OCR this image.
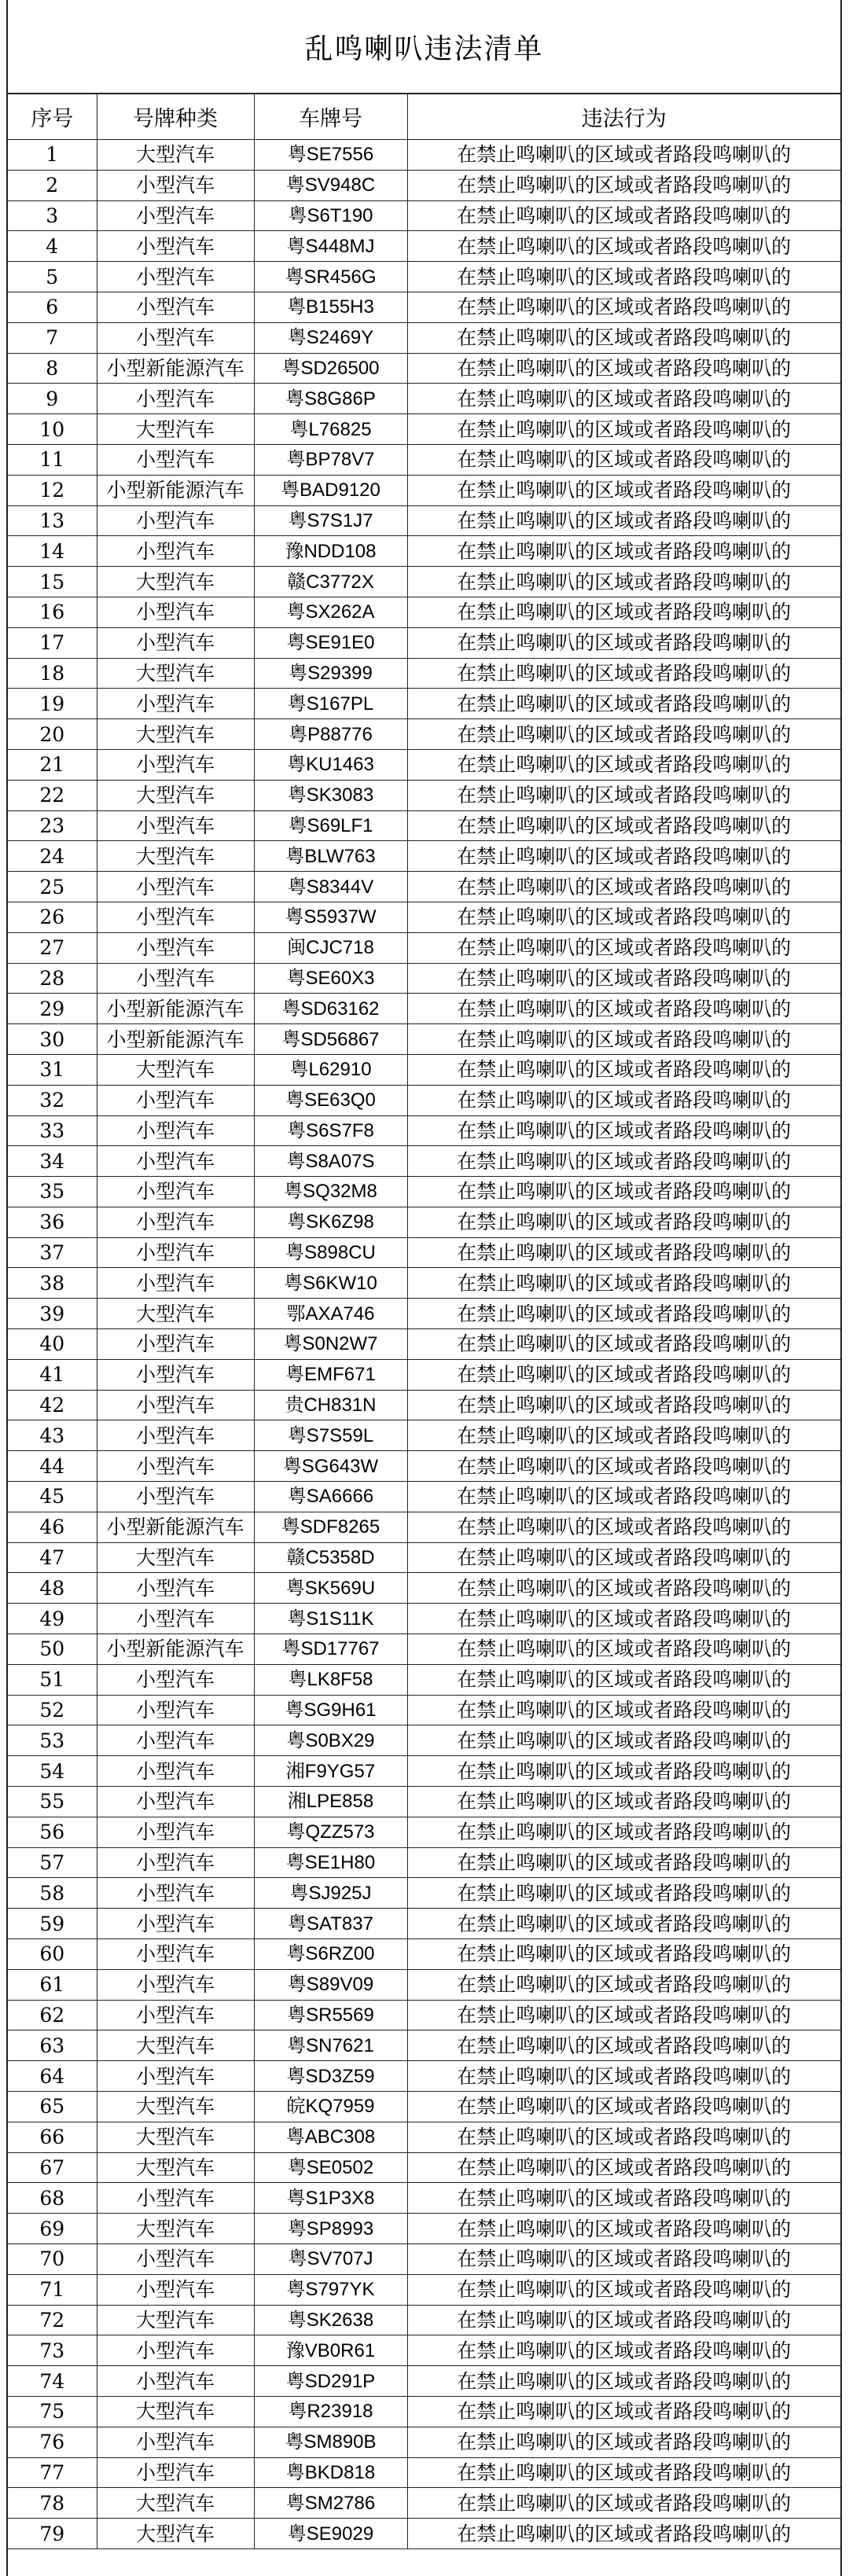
乱鸣喇叭违法清单
序号	号牌种类	车牌号	违法行为
1	大型汽车	粤SE7556	在禁止鸣喇叭的区域或者路段鸣喇叭的
2	小型汽车	粤SV948C	在禁止鸣喇叭的区域或者路段鸣喇叭的
3	小型汽车	粤S6T190	在禁止鸣喇叭的区域或者路段鸣喇叭的
4	小型汽车	粤S448MJ	在禁止鸣喇叭的区域或者路段鸣喇叭的
5	小型汽车	粤SR456G	在禁止鸣喇叭的区域或者路段鸣喇叭的
6	小型汽车	粤B155H3	在禁止鸣喇叭的区域或者路段鸣喇叭的
7	小型汽车	粤S2469Y	在禁止鸣喇叭的区域或者路段鸣喇叭的
8	小型新能源汽车	粤SD26500	在禁止鸣喇叭的区域或者路段鸣喇叭的
9	小型汽车	粤S8G86P	在禁止鸣喇叭的区域或者路段鸣喇叭的
10	大型汽车	粤L76825	在禁止鸣喇叭的区域或者路段鸣喇叭的
11	小型汽车	粤BP78V7	在禁止鸣喇叭的区域或者路段鸣喇叭的
12	小型新能源汽车	粤BAD9120	在禁止鸣喇叭的区域或者路段鸣喇叭的
13	小型汽车	粤S7S1J7	在禁止鸣喇叭的区域或者路段鸣喇叭的
14	小型汽车	豫NDD108	在禁止鸣喇叭的区域或者路段鸣喇叭的
15	大型汽车	赣C3772X	在禁止鸣喇叭的区域或者路段鸣喇叭的
16	小型汽车	粤SX262A	在禁止鸣喇叭的区域或者路段鸣喇叭的
17	小型汽车	粤SE91E0	在禁止鸣喇叭的区域或者路段鸣喇叭的
18	大型汽车	粤S29399	在禁止鸣喇叭的区域或者路段鸣喇叭的
19	小型汽车	粤S167PL	在禁止鸣喇叭的区域或者路段鸣喇叭的
20	大型汽车	粤P88776	在禁止鸣喇叭的区域或者路段鸣喇叭的
21	小型汽车	粤KU1463	在禁止鸣喇叭的区域或者路段鸣喇叭的
22	大型汽车	粤SK3083	在禁止鸣喇叭的区域或者路段鸣喇叭的
23	小型汽车	粤S69LF1	在禁止鸣喇叭的区域或者路段鸣喇叭的
24	大型汽车	粤BLW763	在禁止鸣喇叭的区域或者路段鸣喇叭的
25	小型汽车	粤S8344V	在禁止鸣喇叭的区域或者路段鸣喇叭的
26	小型汽车	粤S5937W	在禁止鸣喇叭的区域或者路段鸣喇叭的
27	小型汽车	闽CJC718	在禁止鸣喇叭的区域或者路段鸣喇叭的
28	小型汽车	粤SE60X3	在禁止鸣喇叭的区域或者路段鸣喇叭的
29	小型新能源汽车	粤SD63162	在禁止鸣喇叭的区域或者路段鸣喇叭的
30	小型新能源汽车	粤SD56867	在禁止鸣喇叭的区域或者路段鸣喇叭的
31	大型汽车	粤L62910	在禁止鸣喇叭的区域或者路段鸣喇叭的
32	小型汽车	粤SE63Q0	在禁止鸣喇叭的区域或者路段鸣喇叭的
33	小型汽车	粤S6S7F8	在禁止鸣喇叭的区域或者路段鸣喇叭的
34	小型汽车	粤S8A07S	在禁止鸣喇叭的区域或者路段鸣喇叭的
35	小型汽车	粤SQ32M8	在禁止鸣喇叭的区域或者路段鸣喇叭的
36	小型汽车	粤SK6Z98	在禁止鸣喇叭的区域或者路段鸣喇叭的
37	小型汽车	粤S898CU	在禁止鸣喇叭的区域或者路段鸣喇叭的
38	小型汽车	粤S6KW10	在禁止鸣喇叭的区域或者路段鸣喇叭的
39	大型汽车	鄂AXA746	在禁止鸣喇叭的区域或者路段鸣喇叭的
40	小型汽车	粤S0N2W7	在禁止鸣喇叭的区域或者路段鸣喇叭的
41	小型汽车	粤EMF671	在禁止鸣喇叭的区域或者路段鸣喇叭的
42	小型汽车	贵CH831N	在禁止鸣喇叭的区域或者路段鸣喇叭的
43	小型汽车	粤S7S59L	在禁止鸣喇叭的区域或者路段鸣喇叭的
44	小型汽车	粤SG643W	在禁止鸣喇叭的区域或者路段鸣喇叭的
45	小型汽车	粤SA6666	在禁止鸣喇叭的区域或者路段鸣喇叭的
46	小型新能源汽车	粤SDF8265	在禁止鸣喇叭的区域或者路段鸣喇叭的
47	大型汽车	赣C5358D	在禁止鸣喇叭的区域或者路段鸣喇叭的
48	小型汽车	粤SK569U	在禁止鸣喇叭的区域或者路段鸣喇叭的
49	小型汽车	粤S1S11K	在禁止鸣喇叭的区域或者路段鸣喇叭的
50	小型新能源汽车	粤SD17767	在禁止鸣喇叭的区域或者路段鸣喇叭的
51	小型汽车	粤LK8F58	在禁止鸣喇叭的区域或者路段鸣喇叭的
52	小型汽车	粤SG9H61	在禁止鸣喇叭的区域或者路段鸣喇叭的
53	小型汽车	粤S0BX29	在禁止鸣喇叭的区域或者路段鸣喇叭的
54	小型汽车	湘F9YG57	在禁止鸣喇叭的区域或者路段鸣喇叭的
55	小型汽车	湘LPE858	在禁止鸣喇叭的区域或者路段鸣喇叭的
56	小型汽车	粤QZZ573	在禁止鸣喇叭的区域或者路段鸣喇叭的
57	小型汽车	粤SE1H80	在禁止鸣喇叭的区域或者路段鸣喇叭的
58	小型汽车	粤SJ925J	在禁止鸣喇叭的区域或者路段鸣喇叭的
59	小型汽车	粤SAT837	在禁止鸣喇叭的区域或者路段鸣喇叭的
60	小型汽车	粤S6RZ00	在禁止鸣喇叭的区域或者路段鸣喇叭的
61	小型汽车	粤S89V09	在禁止鸣喇叭的区域或者路段鸣喇叭的
62	小型汽车	粤SR5569	在禁止鸣喇叭的区域或者路段鸣喇叭的
63	大型汽车	粤SN7621	在禁止鸣喇叭的区域或者路段鸣喇叭的
64	小型汽车	粤SD3Z59	在禁止鸣喇叭的区域或者路段鸣喇叭的
65	大型汽车	皖KQ7959	在禁止鸣喇叭的区域或者路段鸣喇叭的
66	大型汽车	粤ABC308	在禁止鸣喇叭的区域或者路段鸣喇叭的
67	大型汽车	粤SE0502	在禁止鸣喇叭的区域或者路段鸣喇叭的
68	小型汽车	粤S1P3X8	在禁止鸣喇叭的区域或者路段鸣喇叭的
69	大型汽车	粤SP8993	在禁止鸣喇叭的区域或者路段鸣喇叭的
70	小型汽车	粤SV707J	在禁止鸣喇叭的区域或者路段鸣喇叭的
71	小型汽车	粤S797YK	在禁止鸣喇叭的区域或者路段鸣喇叭的
72	大型汽车	粤SK2638	在禁止鸣喇叭的区域或者路段鸣喇叭的
73	小型汽车	豫VB0R61	在禁止鸣喇叭的区域或者路段鸣喇叭的
74	小型汽车	粤SD291P	在禁止鸣喇叭的区域或者路段鸣喇叭的
75	大型汽车	粤R23918	在禁止鸣喇叭的区域或者路段鸣喇叭的
76	小型汽车	粤SM890B	在禁止鸣喇叭的区域或者路段鸣喇叭的
77	小型汽车	粤BKD818	在禁止鸣喇叭的区域或者路段鸣喇叭的
78	大型汽车	粤SM2786	在禁止鸣喇叭的区域或者路段鸣喇叭的
79	大型汽车	粤SE9029	在禁止鸣喇叭的区域或者路段鸣喇叭的
